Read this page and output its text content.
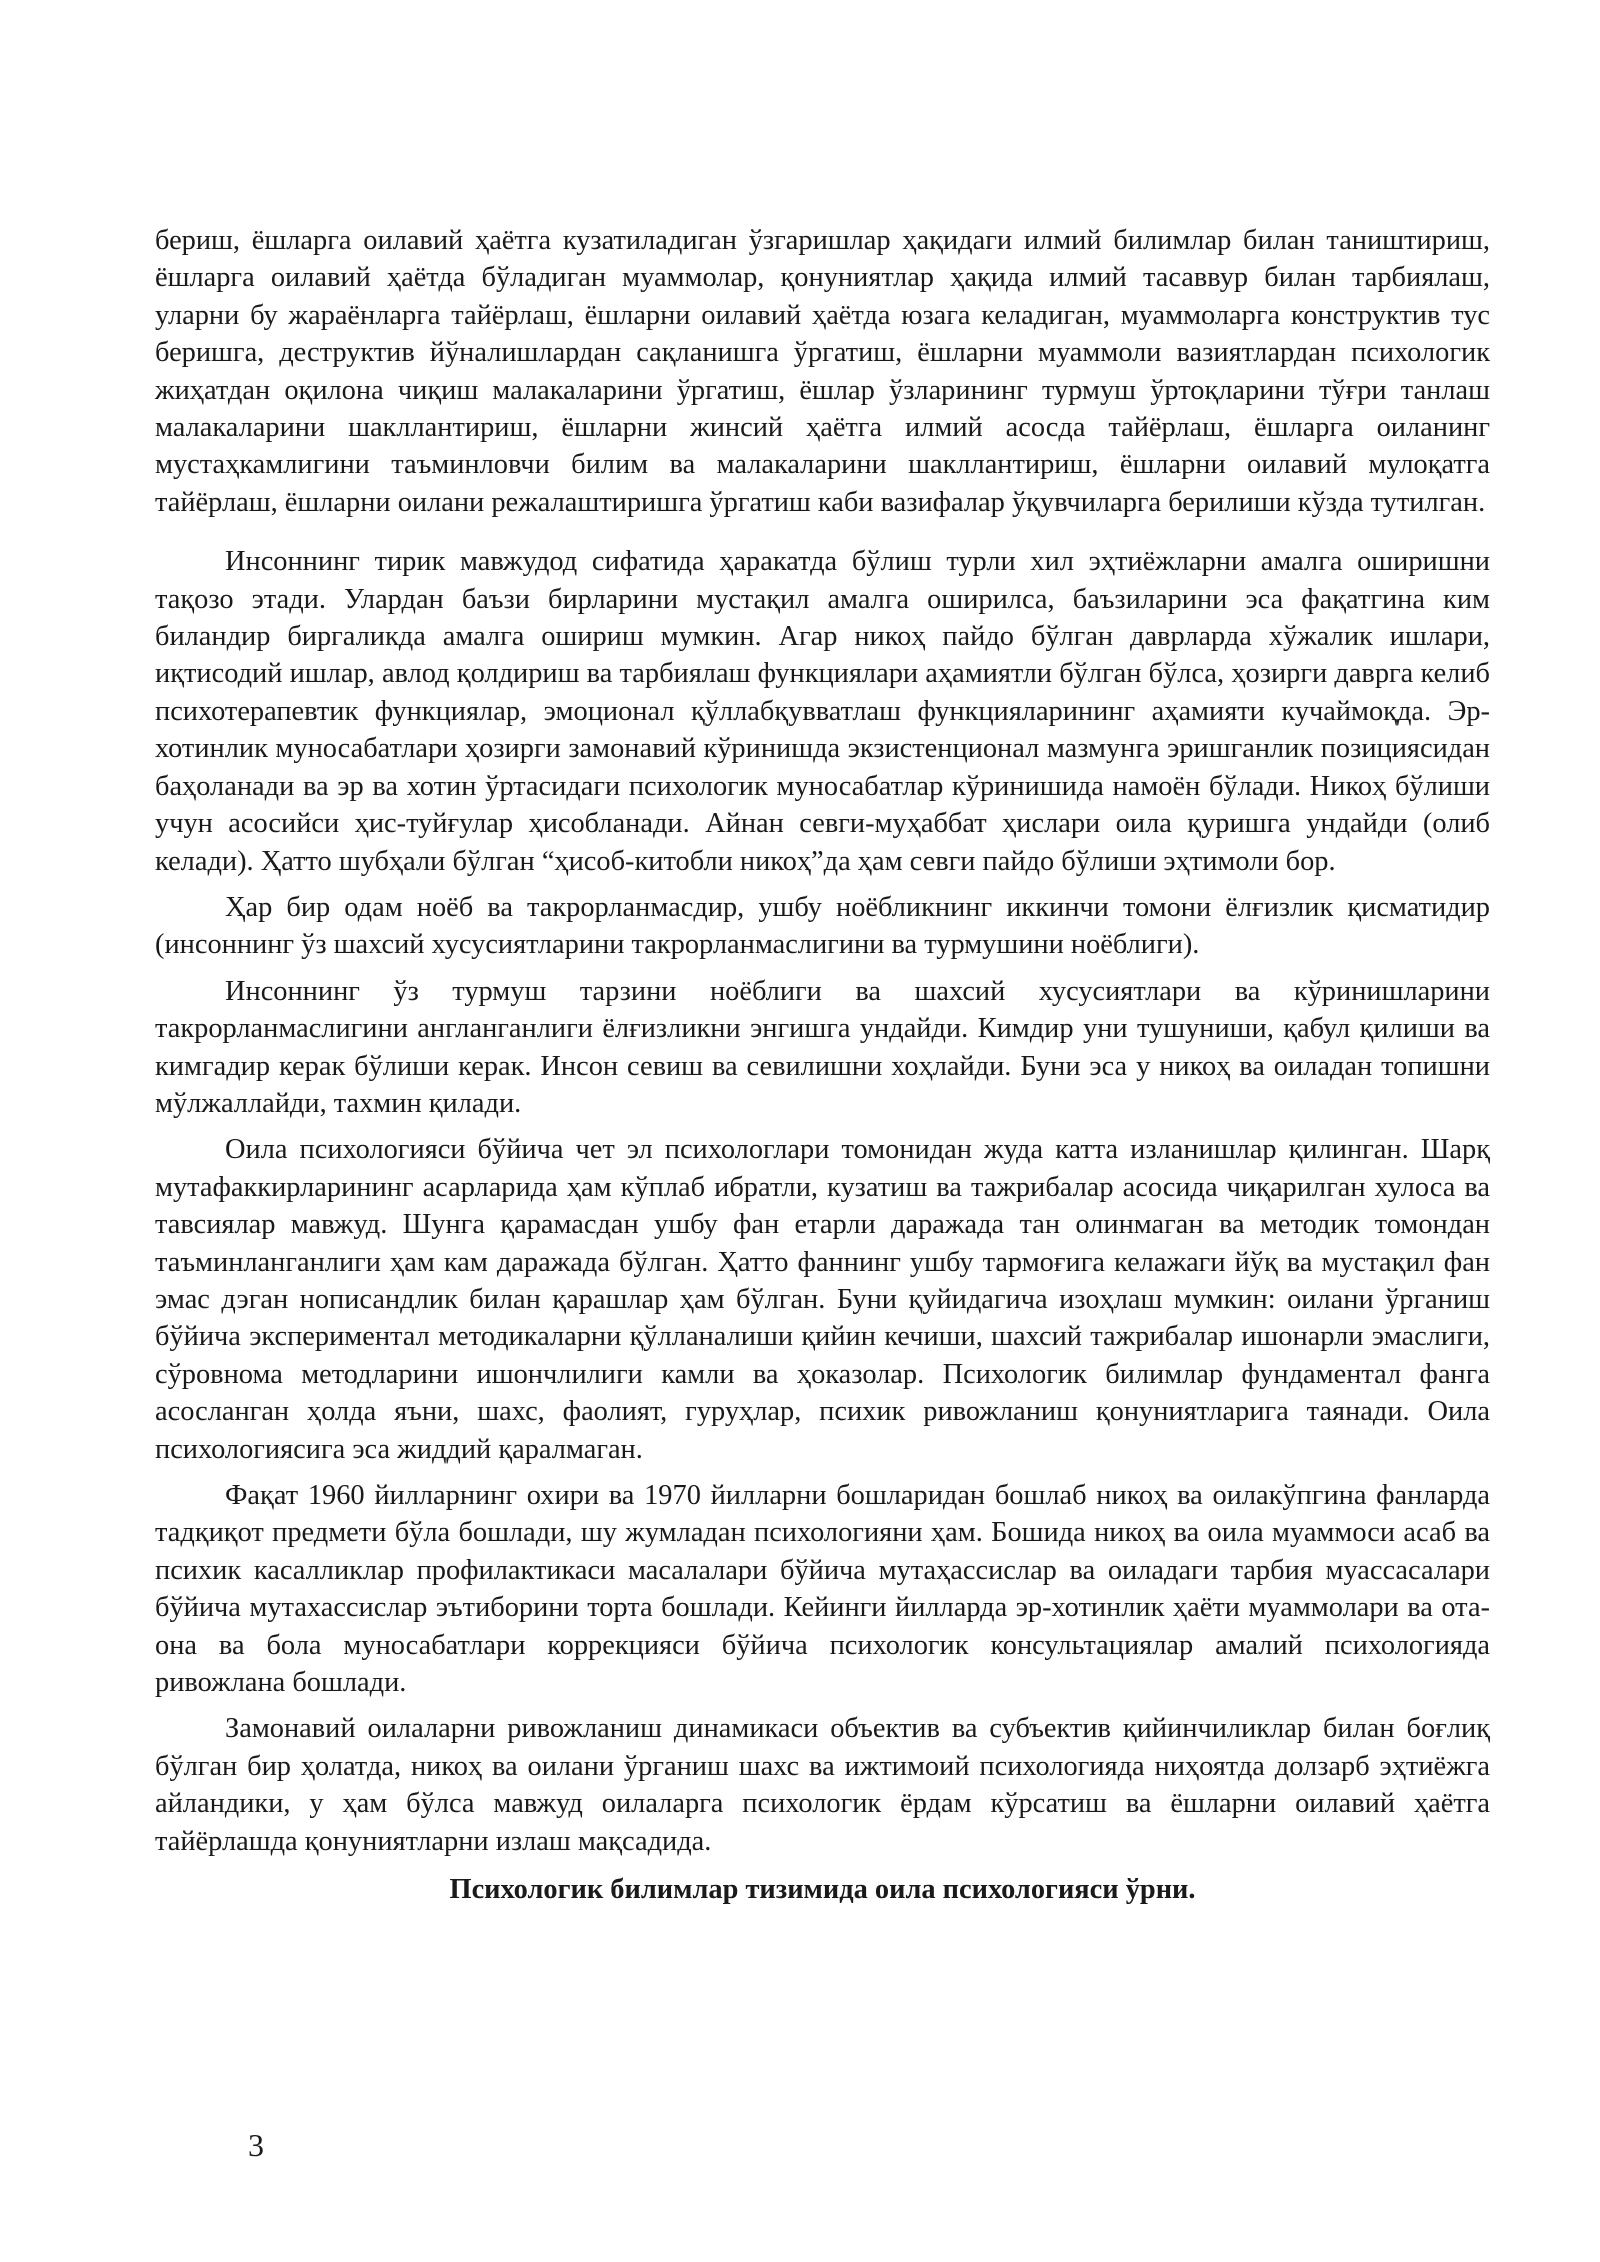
бериш, ёшларга оилавий ҳаётга кузатиладиган ўзгаришлар ҳақидаги илмий билимлар билан таништириш, ёшларга оилавий ҳаётда бўладиган муаммолар, қонуниятлар ҳақида илмий тасаввур билан тарбиялаш, уларни бу жараёнларга тайёрлаш, ёшларни оилавий ҳаётда юзага келадиган, муаммоларга конструктив тус беришга, деструктив йўналишлардан сақланишга ўргатиш, ёшларни муаммоли вазиятлардан психологик жиҳатдан оқилона чиқиш малакаларини ўргатиш, ёшлар ўзларининг турмуш ўртоқларини тўғри танлаш малакаларини шакллантириш, ёшларни жинсий ҳаётга илмий асосда тайёрлаш, ёшларга оиланинг мустаҳкамлигини таъминловчи билим ва малакаларини шакллантириш, ёшларни оилавий мулоқатга тайёрлаш, ёшларни оилани режалаштиришга ўргатиш каби вазифалар ўқувчиларга берилиши кўзда тутилган.

Инсоннинг тирик мавжудод сифатида ҳаракатда бўлиш турли хил эҳтиёжларни амалга оширишни тақозо этади. Улардан баъзи бирларини мустақил амалга оширилса, баъзиларини эса фақатгина ким биландир биргаликда амалга ошириш мумкин. Агар никоҳ пайдо бўлган даврларда хўжалик ишлари, иқтисодий ишлар, авлод қолдириш ва тарбиялаш функциялари аҳамиятли бўлган бўлса, ҳозирги даврга келиб психотерапевтик функциялар, эмоционал қўллабқувватлаш функцияларининг аҳамияти кучаймоқда. Эр-хотинлик муносабатлари ҳозирги замонавий кўринишда экзистенционал мазмунга эришганлик позициясидан баҳоланади ва эр ва хотин ўртасидаги психологик муносабатлар кўринишида намоён бўлади. Никоҳ бўлиши учун асосийси ҳис-туйғулар ҳисобланади. Айнан севги-муҳаббат ҳислари оила қуришга ундайди (олиб келади). Ҳатто шубҳали бўлган “ҳисоб-китобли никоҳ”да ҳам севги пайдо бўлиши эҳтимоли бор.

Ҳар бир одам ноёб ва такрорланмасдир, ушбу ноёбликнинг иккинчи томони ёлғизлик қисматидир (инсоннинг ўз шахсий хусусиятларини такрорланмаслигини ва турмушини ноёблиги).

Инсоннинг ўз турмуш тарзини ноёблиги ва шахсий хусусиятлари ва кўринишларини такрорланмаслигини англанганлиги ёлғизликни энгишга ундайди. Кимдир уни тушуниши, қабул қилиши ва кимгадир керак бўлиши керак. Инсон севиш ва севилишни хоҳлайди. Буни эса у никоҳ ва оиладан топишни мўлжаллайди, тахмин қилади.

Оила психологияси бўйича чет эл психологлари томонидан жуда катта изланишлар қилинган. Шарқ мутафаккирларининг асарларида ҳам кўплаб ибратли, кузатиш ва тажрибалар асосида чиқарилган хулоса ва тавсиялар мавжуд. Шунга қарамасдан ушбу фан етарли даражада тан олинмаган ва методик томондан таъминланганлиги ҳам кам даражада бўлган. Ҳатто фаннинг ушбу тармоғига келажаги йўқ ва мустақил фан эмас дэган нописандлик билан қарашлар ҳам бўлган. Буни қуйидагича изоҳлаш мумкин: оилани ўрганиш бўйича экспериментал методикаларни қўлланалиши қийин кечиши, шахсий тажрибалар ишонарли эмаслиги, сўровнома методларини ишончлилиги камли ва ҳоказолар. Психологик билимлар фундаментал фанга асосланган ҳолда яъни, шахс, фаолият, гуруҳлар, психик ривожланиш қонуниятларига таянади. Оила психологиясига эса жиддий қаралмаган.

Фақат 1960 йилларнинг охири ва 1970 йилларни бошларидан бошлаб никоҳ ва оилакўпгина фанларда тадқиқот предмети бўла бошлади, шу жумладан психологияни ҳам. Бошида никоҳ ва оила муаммоси асаб ва психик касалликлар профилактикаси масалалари бўйича мутаҳассислар ва оиладаги тарбия муассасалари бўйича мутахассислар эътиборини торта бошлади. Кейинги йилларда эр-хотинлик ҳаёти муаммолари ва ота-она ва бола муносабатлари коррекцияси бўйича психологик консультациялар амалий психологияда ривожлана бошлади.

Замонавий оилаларни ривожланиш динамикаси объектив ва субъектив қийинчиликлар билан боғлиқ бўлган бир ҳолатда, никоҳ ва оилани ўрганиш шахс ва ижтимоий психологияда ниҳоятда долзарб эҳтиёжга айландики, у ҳам бўлса мавжуд оилаларга психологик ёрдам кўрсатиш ва ёшларни оилавий ҳаётга тайёрлашда қонуниятларни излаш мақсадида.

Психологик билимлар тизимида оила психологияси ўрни.

3
